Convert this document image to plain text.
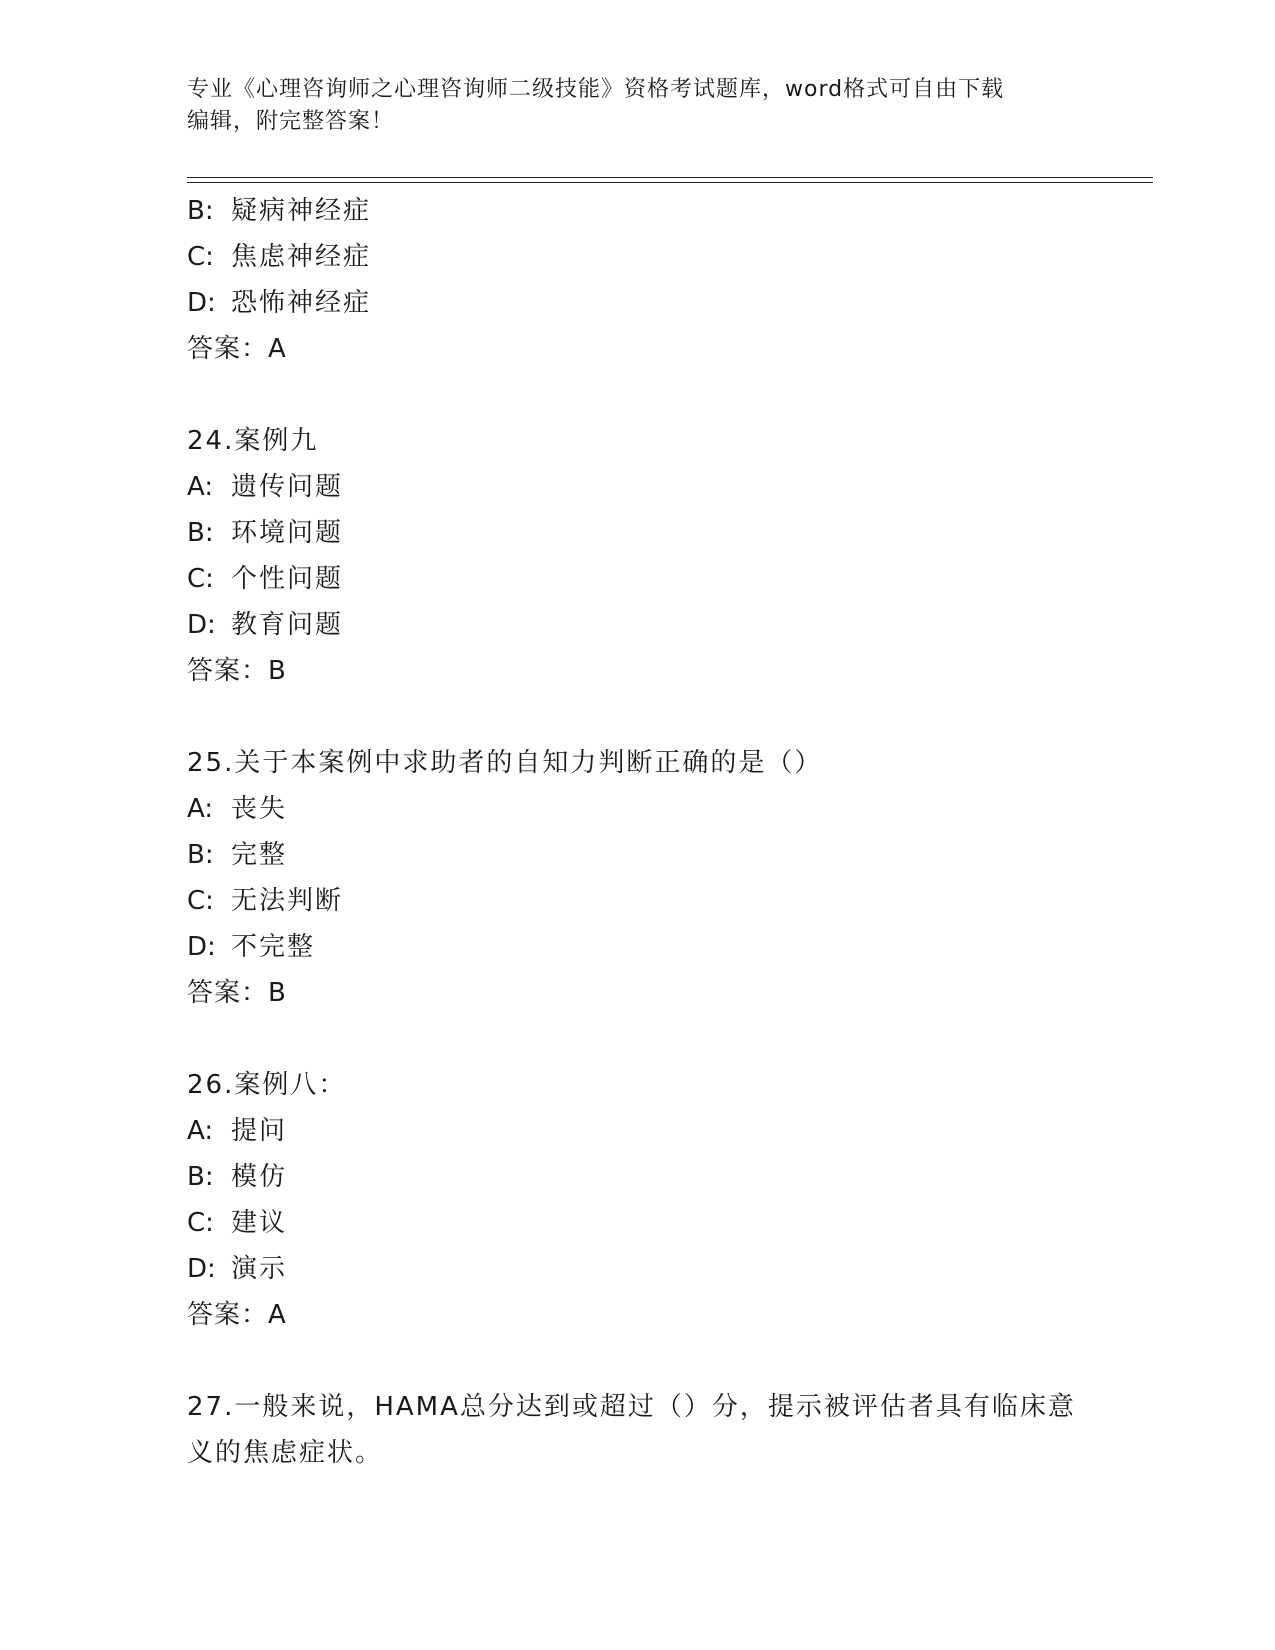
专业《心理咨询师之心理咨询师二级技能》资格考试题库，word格式可自由下载
编辑，附完整答案！
B: 疑病神经症
C: 焦虑神经症
D: 恐怖神经症
答案：A
24.案例九
A: 遗传问题
B: 环境问题
C: 个性问题
D: 教育问题
答案：B
25.关于本案例中求助者的自知力判断正确的是（）
A: 丧失
B: 完整
C: 无法判断
D: 不完整
答案：B
26.案例八：
A: 提问
B: 模仿
C: 建议
D: 演示
答案：A
27.一般来说，HAMA总分达到或超过（）分，提示被评估者具有临床意
义的焦虑症状。
